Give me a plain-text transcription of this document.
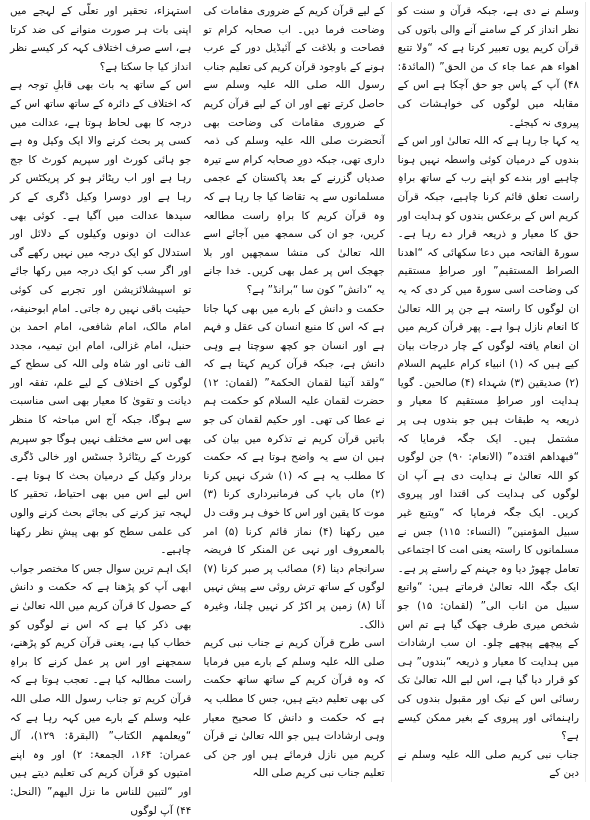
استہزاء، تحقیر اور تعلّی کے لہجے میں اپنی بات ہر صورت منوانے کی ضد کرتا ہے، اسے صرف اختلاف کہہ کر کیسے نظر انداز کیا جا سکتا ہے؟

اس کے ساتھ یہ بات بھی قابلِ توجہ ہے کہ اختلاف کے دائرہ کے ساتھ ساتھ اس کے درجہ کا بھی لحاظ ہوتا ہے، عدالت میں کسی پر بحث کرنے والا ایک وکیل وہ ہے جو ہائی کورٹ اور سپریم کورٹ کا جج رہا ہے اور اب ریٹائر ہو کر پریکٹس کر رہا ہے اور دوسرا وکیل ڈگری کے کر سیدھا عدالت میں آگیا ہے۔ کوئی بھی عدالت ان دونوں وکیلوں کے دلائل اور استدلال کو ایک درجہ میں نہیں رکھے گی اور اگر سب کو ایک درجہ میں رکھا جائے تو اسپیشلائزیشن اور تجربے کی کوئی حیثیت باقی نہیں رہ جاتی۔ امام ابوحنیفہ، امام مالک، امام شافعی، امام احمد بن حنبل، امام غزالی، امام ابن تیمیہ، مجدد الف ثانی اور شاہ ولی اللہ کی سطح کے لوگوں کے اختلاف کے لیے علم، تفقہ اور دیانت و تقویٰ کا معیار بھی اسی مناسبت سے ہوگا، جبکہ آج اس مباحثہ کا منظر بھی اس سے مختلف نہیں ہوگا جو سپریم کورٹ کے ریٹائرڈ جسٹس اور خالی ڈگری بردار وکیل کے درمیان بحث کا ہوتا ہے۔ اس لیے اس میں بھی احتیاط، تحقیر کا لہجہ تیز کرنے کی بجائے بحث کرنے والوں کی علمی سطح کو بھی پیشِ نظر رکھنا چاہیے۔

ایک اہم ترین سوال جس کا مختصر جواب ابھی آپ کو پڑھنا ہے کہ حکمت و دانش کے حصول کا قرآن کریم میں اللہ تعالیٰ نے بھی ذکر کیا ہے کہ اس نے لوگوں کو خطاب کیا ہے، یعنی قرآن کریم کو پڑھنے، سمجھنے اور اس پر عمل کرنے کا براہِ راست مطالبہ کیا ہے۔ تعجب ہوتا ہے کہ قرآن کریم تو جناب رسول اللہ صلی اللہ علیہ وسلم کے بارے میں کہہ رہا ہے کہ “ویعلمھم الکتاب” (البقرۃ: ۱۲۹)، آل عمران: ۱۶۴، الجمعۃ: ۲) اور وہ اپنے امتیوں کو قرآن کریم کی تعلیم دیتے ہیں اور “لتبین للناس ما نزل الیھم” (النحل: ۴۴) آپ لوگوں

کے لیے قرآن کریم کے ضروری مقامات کی وضاحت فرما دیں۔ اب صحابہ کرام تو فصاحت و بلاغت کے آئیڈیل دور کے عرب ہونے کے باوجود قرآن کریم کی تعلیم جناب رسول اللہ صلی اللہ علیہ وسلم سے حاصل کرتے تھے اور ان کے لیے قرآن کریم کے ضروری مقامات کی وضاحت بھی آنحضرت صلی اللہ علیہ وسلم کی ذمہ داری تھی، جبکہ دورِ صحابہ کرام سے تیرہ صدیاں گزرنے کے بعد پاکستان کے عجمی مسلمانوں سے یہ تقاضا کیا جا رہا ہے کہ وہ قرآن کریم کا براہِ راست مطالعہ کریں، جو ان کی سمجھ میں آجائے اسے اللہ تعالیٰ کی منشا سمجھیں اور بلا جھجک اس پر عمل بھی کریں۔ خدا جانے یہ “دانش” کون سا “برانڈ” ہے؟

حکمت و دانش کے بارے میں بھی کہا جاتا ہے کہ اس کا منبع انسان کی عقل و فہم ہے اور انسان جو کچھ سوچتا ہے وہی دانش ہے، جبکہ قرآن کریم کہتا ہے کہ “ولقد آتینا لقمان الحکمۃ” (لقمان: ۱۲) حضرت لقمان علیہ السلام کو حکمت ہم نے عطا کی تھی۔ اور حکیم لقمان کی جو باتیں قرآن کریم نے تذکرہ میں بیان کی ہیں ان سے یہ واضح ہوتا ہے کہ حکمت کا مطلب یہ ہے کہ (۱) شرک نہیں کرنا (۲) ماں باپ کی فرمانبرداری کرنا (۳) موت کا یقین اور اس کا خوف ہر وقت دل میں رکھنا (۴) نماز قائم کرنا (۵) امر بالمعروف اور نہی عن المنکر کا فریضہ سرانجام دینا (۶) مصائب پر صبر کرنا (۷) لوگوں کے ساتھ ترش روئی سے پیش نہیں آنا (۸) زمین پر اکڑ کر نہیں چلنا، وغیرہ ذالک۔

اسی طرح قرآن کریم نے جناب نبی کریم صلی اللہ علیہ وسلم کے بارے میں فرمایا کہ وہ قرآن کریم کے ساتھ ساتھ حکمت کی بھی تعلیم دیتے ہیں، جس کا مطلب یہ ہے کہ حکمت و دانش کا صحیح معیار وہی ارشادات ہیں جو اللہ تعالیٰ نے قرآن کریم میں نازل فرمائے ہیں اور جن کی تعلیم جناب نبی کریم صلی اللہ

وسلم نے دی ہے، جبکہ قرآن و سنت کو نظر انداز کر کے سامنے آنے والی باتوں کی قرآن کریم یوں تعبیر کرتا ہے کہ “ولا تتبع اھواء ھم عما جاء ک من الحق” (المائدۃ: ۴۸) آپ کے پاس جو حق آچکا ہے اس کے مقابلہ میں لوگوں کی خواہشات کی پیروی نہ کیجئے۔

یہ کہا جا رہا ہے کہ اللہ تعالیٰ اور اس کے بندوں کے درمیان کوئی واسطہ نہیں ہونا چاہیے اور بندے کو اپنے رب کے ساتھ براہِ راست تعلق قائم کرنا چاہیے، جبکہ قرآن کریم اس کے برعکس بندوں کو ہدایت اور حق کا معیار و ذریعہ قرار دے رہا ہے۔ سورۃ الفاتحہ میں دعا سکھائی کہ “اھدنا الصراط المستقیم” اور صراطِ مستقیم کی وضاحت اسی سورۃ میں کر دی کہ یہ ان لوگوں کا راستہ ہے جن پر اللہ تعالیٰ کا انعام نازل ہوا ہے۔ پھر قرآن کریم میں ان انعام یافتہ لوگوں کے چار درجات بیان کیے ہیں کہ (۱) انبیاء کرام علیہم السلام (۲) صدیقین (۳) شہداء (۴) صالحین۔ گویا ہدایت اور صراطِ مستقیم کا معیار و ذریعہ یہ طبقات ہیں جو بندوں ہی پر مشتمل ہیں۔ ایک جگہ فرمایا کہ “فبھداھم اقتدہ” (الانعام: ۹۰) جن لوگوں کو اللہ تعالیٰ نے ہدایت دی ہے آپ ان لوگوں کی ہدایت کی اقتدا اور پیروی کریں۔ ایک جگہ فرمایا کہ “ویتبع غیر سبیل المؤمنین” (النساء: ۱۱۵) جس نے مسلمانوں کا راستہ یعنی امت کا اجتماعی تعامل چھوڑ دیا وہ جہنم کے راستے پر ہے۔ ایک جگہ اللہ تعالیٰ فرماتے ہیں: “واتبع سبیل من اناب الی” (لقمان: ۱۵) جو شخص میری طرف جھک گیا ہے تم اس کے پیچھے پیچھے چلو۔ ان سب ارشادات میں ہدایت کا معیار و ذریعہ “بندوں” ہی کو قرار دیا گیا ہے، اس لیے اللہ تعالیٰ تک رسائی اس کے نیک اور مقبول بندوں کی راہنمائی اور پیروی کے بغیر ممکن کیسے ہے؟

جناب نبی کریم صلی اللہ علیہ وسلم نے دین کے
